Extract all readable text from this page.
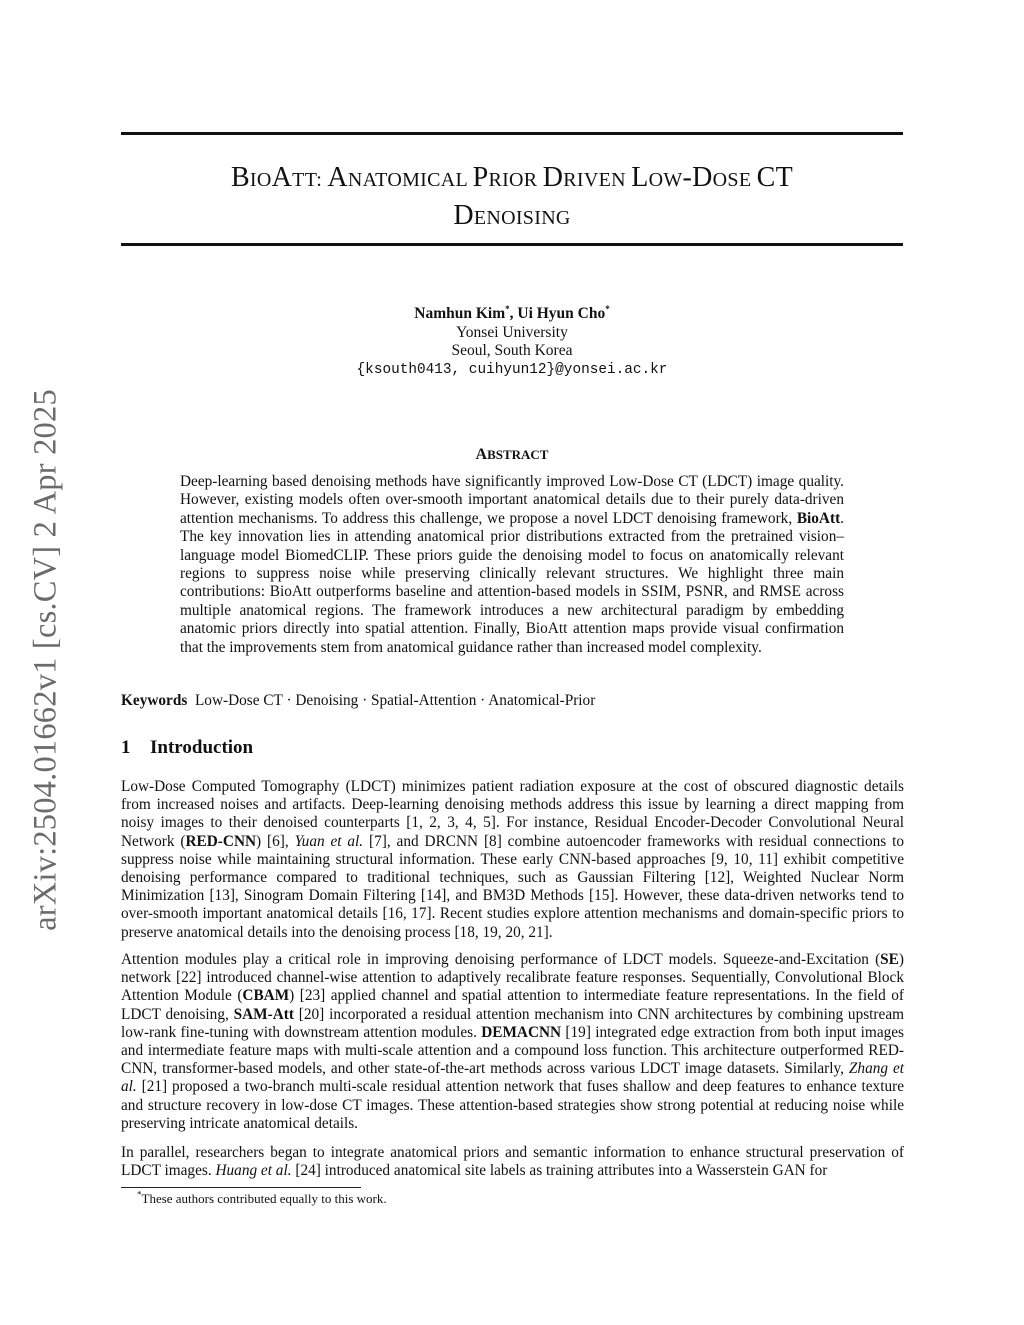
arXiv:2504.01662v1 [cs.CV] 2 Apr 2025
BIOATT: ANATOMICAL PRIOR DRIVEN LOW-DOSE CT
DENOISING
Namhun Kim*, Ui Hyun Cho*
Yonsei University
Seoul, South Korea
{ksouth0413, cuihyun12}@yonsei.ac.kr
ABSTRACT
Deep-learning based denoising methods have significantly improved Low-Dose CT (LDCT) image quality. However, existing models often over-smooth important anatomical details due to their purely data-driven attention mechanisms. To address this challenge, we propose a novel LDCT denoising framework, BioAtt. The key innovation lies in attending anatomical prior distributions extracted from the pretrained vision–language model BiomedCLIP. These priors guide the denoising model to focus on anatomically relevant regions to suppress noise while preserving clinically relevant structures. We highlight three main contributions: BioAtt outperforms baseline and attention-based models in SSIM, PSNR, and RMSE across multiple anatomical regions. The framework introduces a new architectural paradigm by embedding anatomic priors directly into spatial attention. Finally, BioAtt attention maps provide visual confirmation that the improvements stem from anatomical guidance rather than increased model complexity.
Keywords Low-Dose CT · Denoising · Spatial-Attention · Anatomical-Prior
1 Introduction

Low-Dose Computed Tomography (LDCT) minimizes patient radiation exposure at the cost of obscured diagnostic details from increased noises and artifacts. Deep-learning denoising methods address this issue by learning a direct mapping from noisy images to their denoised counterparts [1, 2, 3, 4, 5]. For instance, Residual Encoder-Decoder Convolutional Neural Network (RED-CNN) [6], Yuan et al. [7], and DRCNN [8] combine autoencoder frameworks with residual connections to suppress noise while maintaining structural information. These early CNN-based approaches [9, 10, 11] exhibit competitive denoising performance compared to traditional techniques, such as Gaussian Filtering [12], Weighted Nuclear Norm Minimization [13], Sinogram Domain Filtering [14], and BM3D Methods [15]. However, these data-driven networks tend to over-smooth important anatomical details [16, 17]. Recent studies explore attention mechanisms and domain-specific priors to preserve anatomical details into the denoising process [18, 19, 20, 21].

Attention modules play a critical role in improving denoising performance of LDCT models. Squeeze-and-Excitation (SE) network [22] introduced channel-wise attention to adaptively recalibrate feature responses. Sequentially, Convolutional Block Attention Module (CBAM) [23] applied channel and spatial attention to intermediate feature representations. In the field of LDCT denoising, SAM-Att [20] incorporated a residual attention mechanism into CNN architectures by combining upstream low-rank fine-tuning with downstream attention modules. DEMACNN [19] integrated edge extraction from both input images and intermediate feature maps with multi-scale attention and a compound loss function. This architecture outperformed RED-CNN, transformer-based models, and other state-of-the-art methods across various LDCT image datasets. Similarly, Zhang et al. [21] proposed a two-branch multi-scale residual attention network that fuses shallow and deep features to enhance texture and structure recovery in low-dose CT images. These attention-based strategies show strong potential at reducing noise while preserving intricate anatomical details.

In parallel, researchers began to integrate anatomical priors and semantic information to enhance structural preservation of LDCT images. Huang et al. [24] introduced anatomical site labels as training attributes into a Wasserstein GAN for

*These authors contributed equally to this work.
